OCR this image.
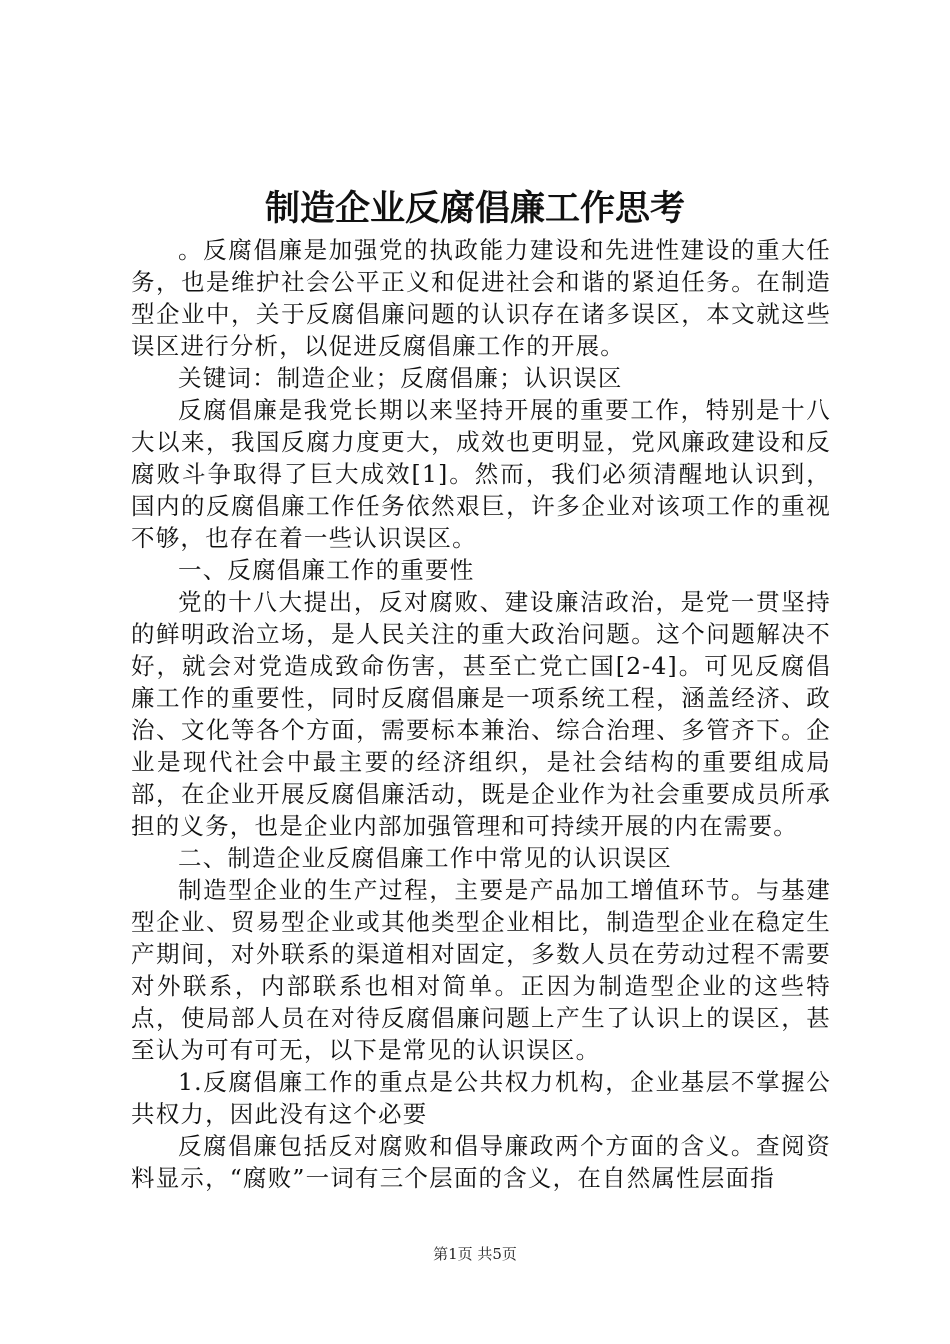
制造企业反腐倡廉工作思考

。反腐倡廉是加强党的执政能力建设和先进性建设的重大任务，也是维护社会公平正义和促进社会和谐的紧迫任务。在制造型企业中，关于反腐倡廉问题的认识存在诸多误区，本文就这些误区进行分析，以促进反腐倡廉工作的开展。

关键词：制造企业；反腐倡廉；认识误区

反腐倡廉是我党长期以来坚持开展的重要工作，特别是十八大以来，我国反腐力度更大，成效也更明显，党风廉政建设和反腐败斗争取得了巨大成效[1]。然而，我们必须清醒地认识到，国内的反腐倡廉工作任务依然艰巨，许多企业对该项工作的重视不够，也存在着一些认识误区。

一、反腐倡廉工作的重要性

党的十八大提出，反对腐败、建设廉洁政治，是党一贯坚持的鲜明政治立场，是人民关注的重大政治问题。这个问题解决不好，就会对党造成致命伤害，甚至亡党亡国[2-4]。可见反腐倡廉工作的重要性，同时反腐倡廉是一项系统工程，涵盖经济、政治、文化等各个方面，需要标本兼治、综合治理、多管齐下。企业是现代社会中最主要的经济组织，是社会结构的重要组成局部，在企业开展反腐倡廉活动，既是企业作为社会重要成员所承担的义务，也是企业内部加强管理和可持续开展的内在需要。

二、制造企业反腐倡廉工作中常见的认识误区

制造型企业的生产过程，主要是产品加工增值环节。与基建型企业、贸易型企业或其他类型企业相比，制造型企业在稳定生产期间，对外联系的渠道相对固定，多数人员在劳动过程不需要对外联系，内部联系也相对简单。正因为制造型企业的这些特点，使局部人员在对待反腐倡廉问题上产生了认识上的误区，甚至认为可有可无，以下是常见的认识误区。

1.反腐倡廉工作的重点是公共权力机构，企业基层不掌握公共权力，因此没有这个必要

反腐倡廉包括反对腐败和倡导廉政两个方面的含义。查阅资料显示，“腐败”一词有三个层面的含义，在自然属性层面指

第1页 共5页
